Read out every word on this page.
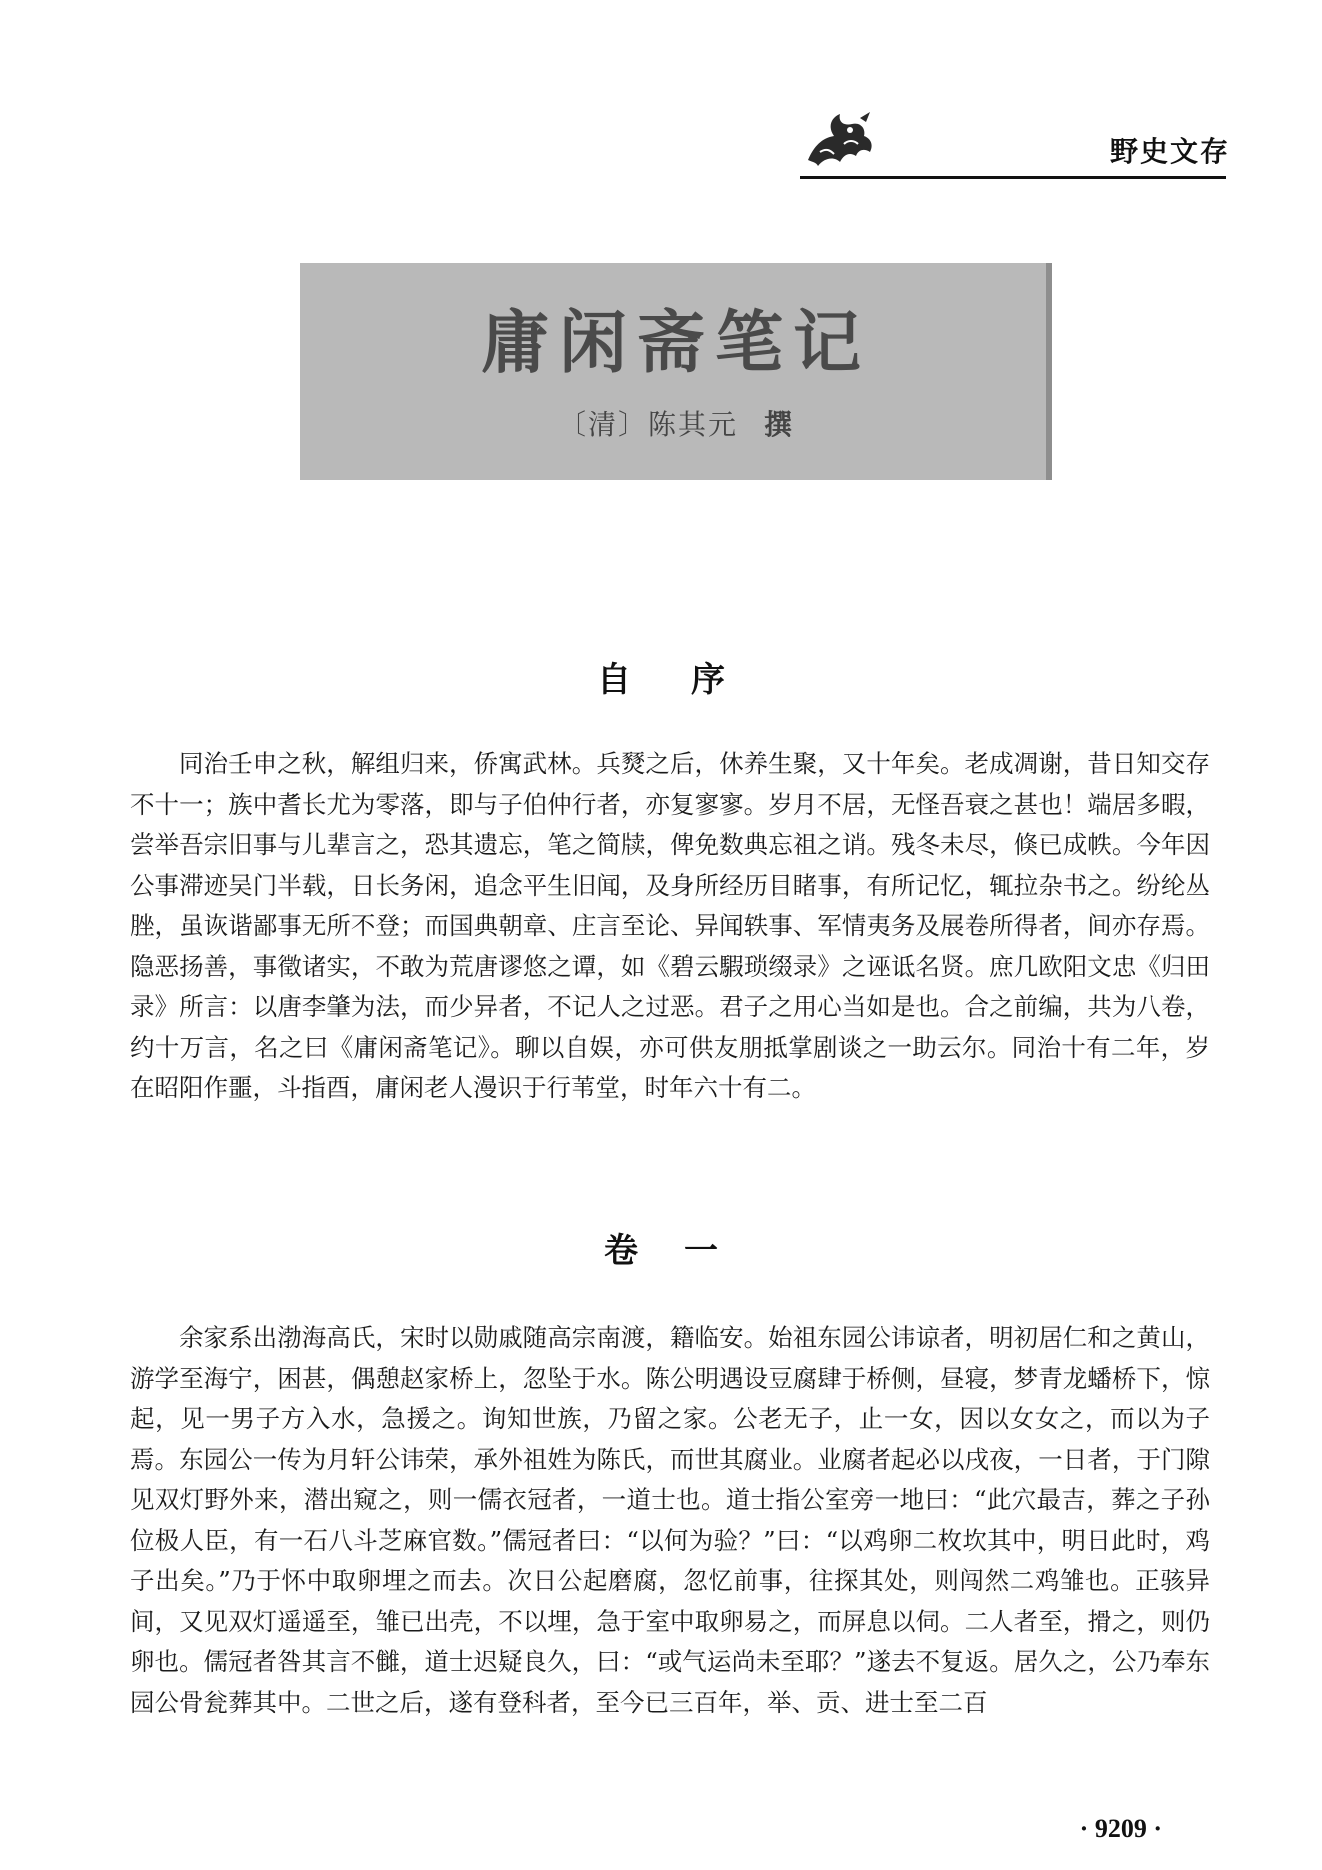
野史文存
庸闲斋笔记
〔清〕陈其元 撰
自序

同治壬申之秋，解组归来，侨寓武林。兵燹之后，休养生聚，又十年矣。老成凋谢，昔日知交存不十一；族中耆长尤为零落，即与子伯仲行者，亦复寥寥。岁月不居，无怪吾衰之甚也！端居多暇，尝举吾宗旧事与儿辈言之，恐其遗忘，笔之简牍，俾免数典忘祖之诮。残冬未尽，倏已成帙。今年因公事滞迹吴门半载，日长务闲，追念平生旧闻，及身所经历目睹事，有所记忆，辄拉杂书之。纷纶丛脞，虽诙谐鄙事无所不登；而国典朝章、庄言至论、异闻轶事、军情夷务及展卷所得者，间亦存焉。隐恶扬善，事徵诸实，不敢为荒唐谬悠之谭，如《碧云騢琐缀录》之诬诋名贤。庶几欧阳文忠《归田录》所言：以唐李肇为法，而少异者，不记人之过恶。君子之用心当如是也。合之前编，共为八卷，约十万言，名之曰《庸闲斋笔记》。聊以自娱，亦可供友朋抵掌剧谈之一助云尔。同治十有二年，岁在昭阳作噩，斗指酉，庸闲老人漫识于行苇堂，时年六十有二。

卷一

余家系出渤海高氏，宋时以勋戚随高宗南渡，籍临安。始祖东园公讳谅者，明初居仁和之黄山，游学至海宁，困甚，偶憩赵家桥上，忽坠于水。陈公明遇设豆腐肆于桥侧，昼寝，梦青龙蟠桥下，惊起，见一男子方入水，急援之。询知世族，乃留之家。公老无子，止一女，因以女女之，而以为子焉。东园公一传为月轩公讳荣，承外祖姓为陈氏，而世其腐业。业腐者起必以戌夜，一日者，于门隙见双灯野外来，潜出窥之，则一儒衣冠者，一道士也。道士指公室旁一地曰：“此穴最吉，葬之子孙位极人臣，有一石八斗芝麻官数。”儒冠者曰：“以何为验？”曰：“以鸡卵二枚坎其中，明日此时，鸡子出矣。”乃于怀中取卵埋之而去。次日公起磨腐，忽忆前事，往探其处，则闯然二鸡雏也。正骇异间，又见双灯遥遥至，雏已出壳，不以埋，急于室中取卵易之，而屏息以伺。二人者至，搰之，则仍卵也。儒冠者咎其言不雠，道士迟疑良久，曰：“或气运尚未至耶？”遂去不复返。居久之，公乃奉东园公骨瓮葬其中。二世之后，遂有登科者，至今已三百年，举、贡、进士至二百

· 9209 ·
